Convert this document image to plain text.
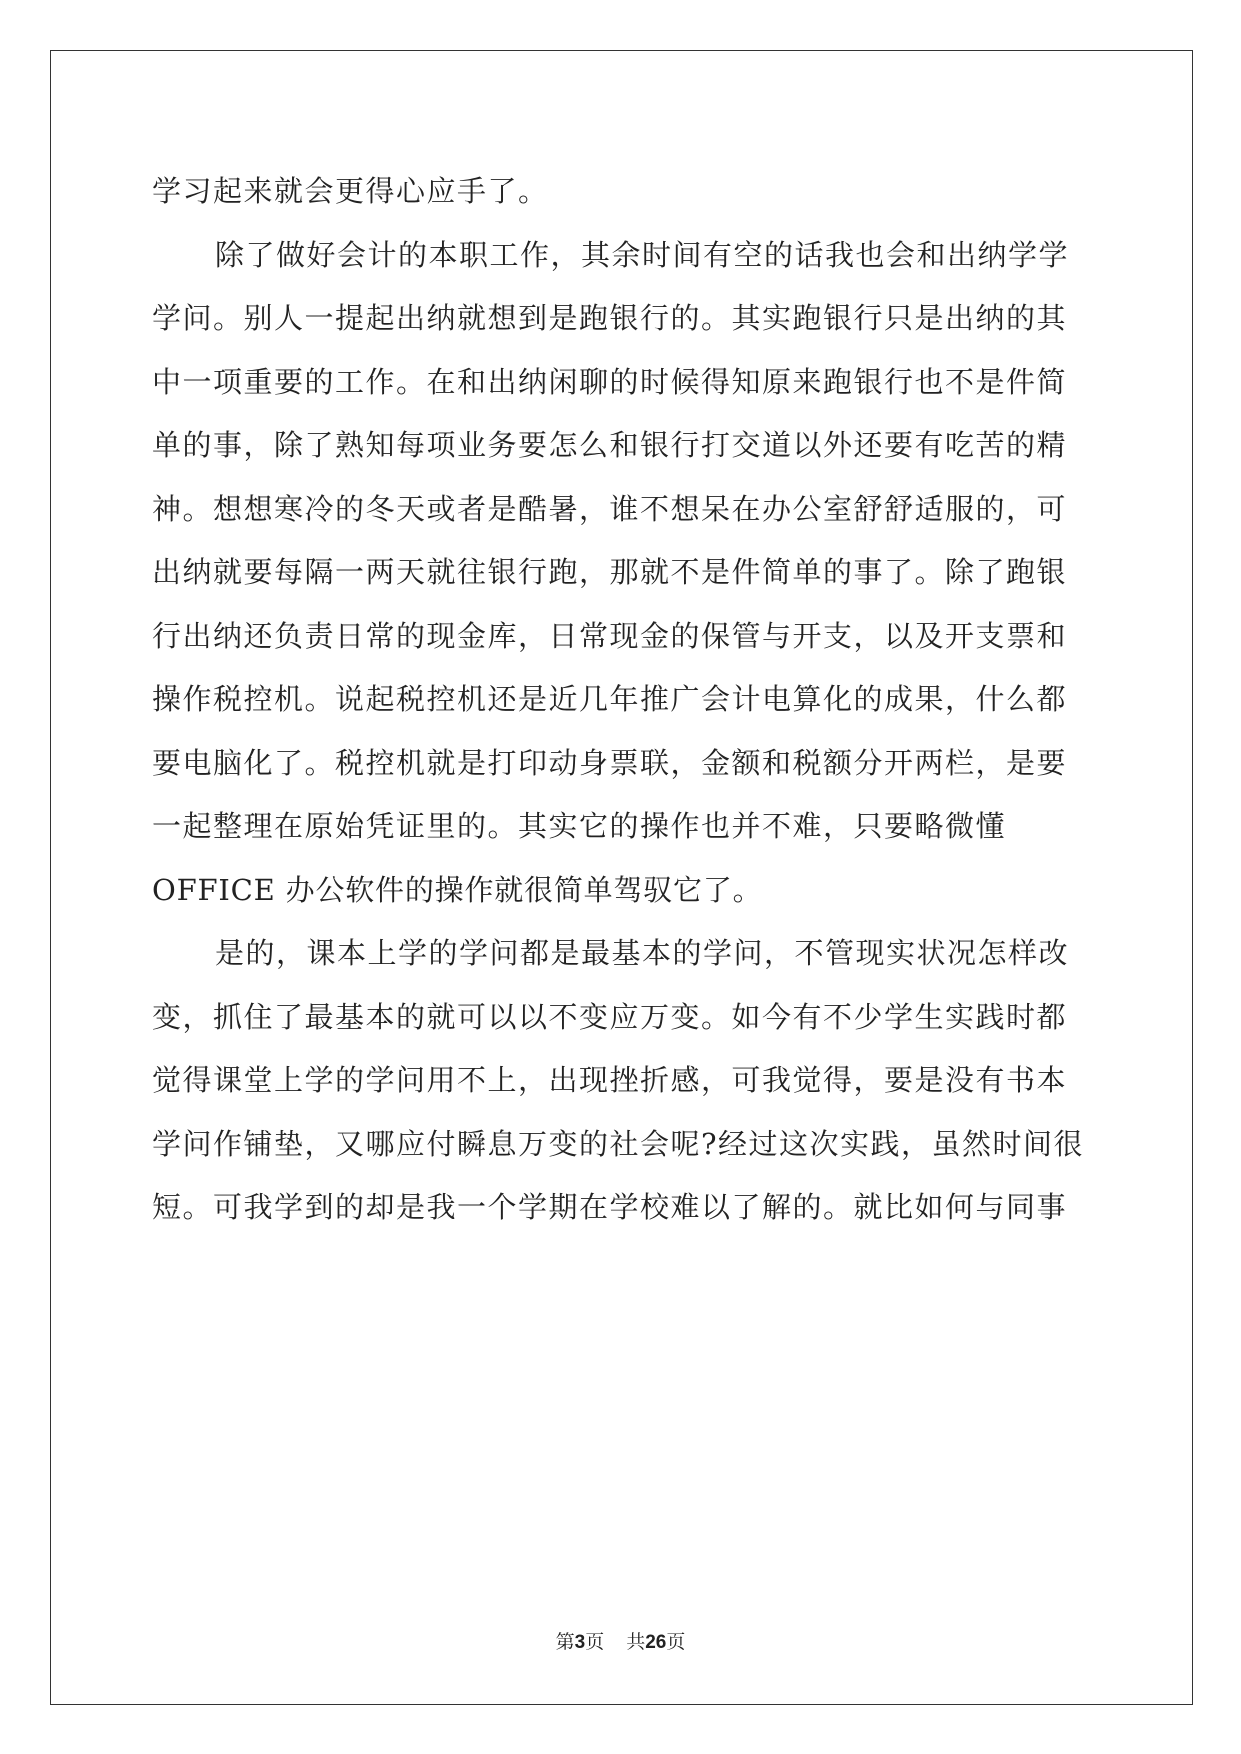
学习起来就会更得心应手了。
除了做好会计的本职工作，其余时间有空的话我也会和出纳学学
学问。别人一提起出纳就想到是跑银行的。其实跑银行只是出纳的其
中一项重要的工作。在和出纳闲聊的时候得知原来跑银行也不是件简
单的事，除了熟知每项业务要怎么和银行打交道以外还要有吃苦的精
神。想想寒冷的冬天或者是酷暑，谁不想呆在办公室舒舒适服的，可
出纳就要每隔一两天就往银行跑，那就不是件简单的事了。除了跑银
行出纳还负责日常的现金库，日常现金的保管与开支，以及开支票和
操作税控机。说起税控机还是近几年推广会计电算化的成果，什么都
要电脑化了。税控机就是打印动身票联，金额和税额分开两栏，是要
一起整理在原始凭证里的。其实它的操作也并不难，只要略微懂
OFFICE 办公软件的操作就很简单驾驭它了。
是的，课本上学的学问都是最基本的学问，不管现实状况怎样改
变，抓住了最基本的就可以以不变应万变。如今有不少学生实践时都
觉得课堂上学的学问用不上，出现挫折感，可我觉得，要是没有书本
学问作铺垫，又哪应付瞬息万变的社会呢?经过这次实践，虽然时间很
短。可我学到的却是我一个学期在学校难以了解的。就比如何与同事
第3页 共26页
